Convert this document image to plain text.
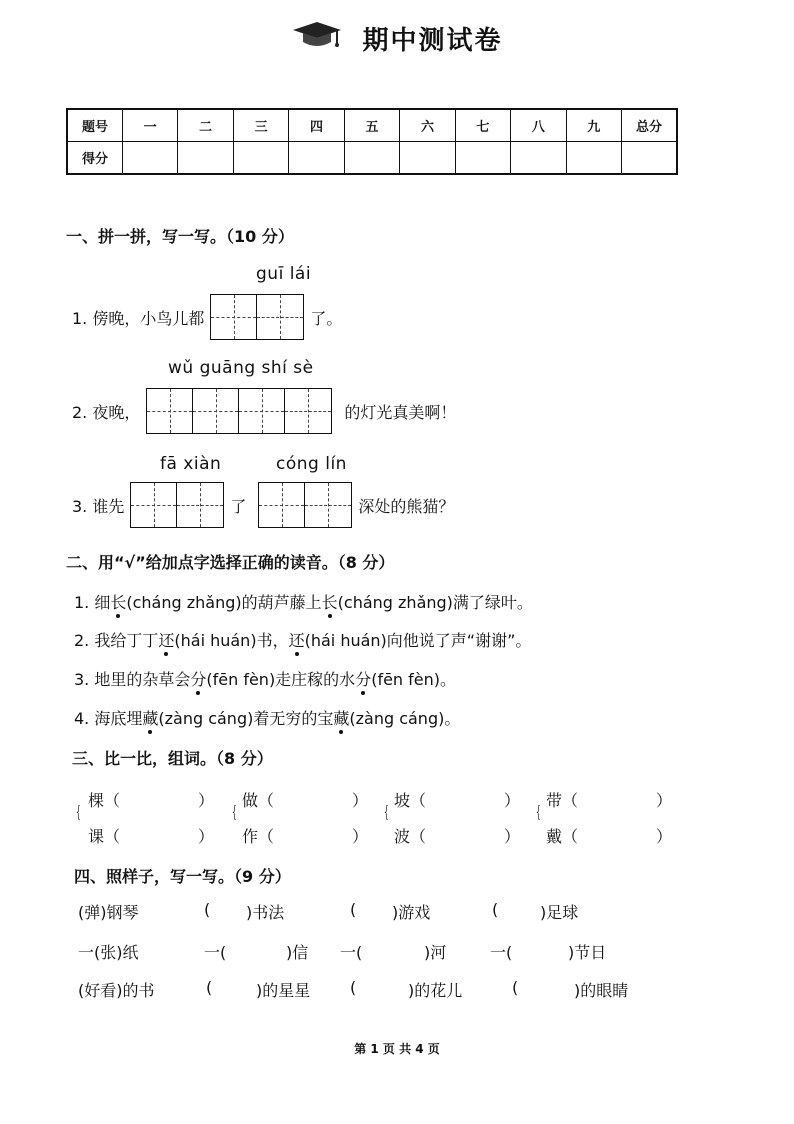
期中测试卷
题号	一	二	三	四	五	六	七	八	九	总分
得分										
一、拼一拼，写一写。（10 分）
guī lái
1. 傍晚，小鸟儿都	了。
wǔ guāng shí sè
2. 夜晚，	的灯光真美啊！
fā xiàn	cóng lín
3. 谁先	了	深处的熊猫？
二、用“√”给加点字选择正确的读音。（8 分）
1. 细长(cháng zhǎng)的葫芦藤上长(cháng zhǎng)满了绿叶。
2. 我给丁丁还(hái huán)书，还(hái huán)向他说了声“谢谢”。
3. 地里的杂草会分(fēn fèn)走庄稼的水分(fēn fèn)。
4. 海底埋藏(zàng cáng)着无穷的宝藏(zàng cáng)。
三、比一比，组词。（8 分）
{
棵（	）
课（	）
{
做（	）
作（	）
{
坡（	）
波（	）
{
带（	）
戴（	）
四、照样子，写一写。（9 分）
(弹)钢琴	( )书法	( )游戏	(	)足球
一(张)纸	一(	)信 一(	)河	一(	)节日
(好看)的书	(	)的星星 (	)的花儿	(	)的眼睛
第 1 页 共 4 页
